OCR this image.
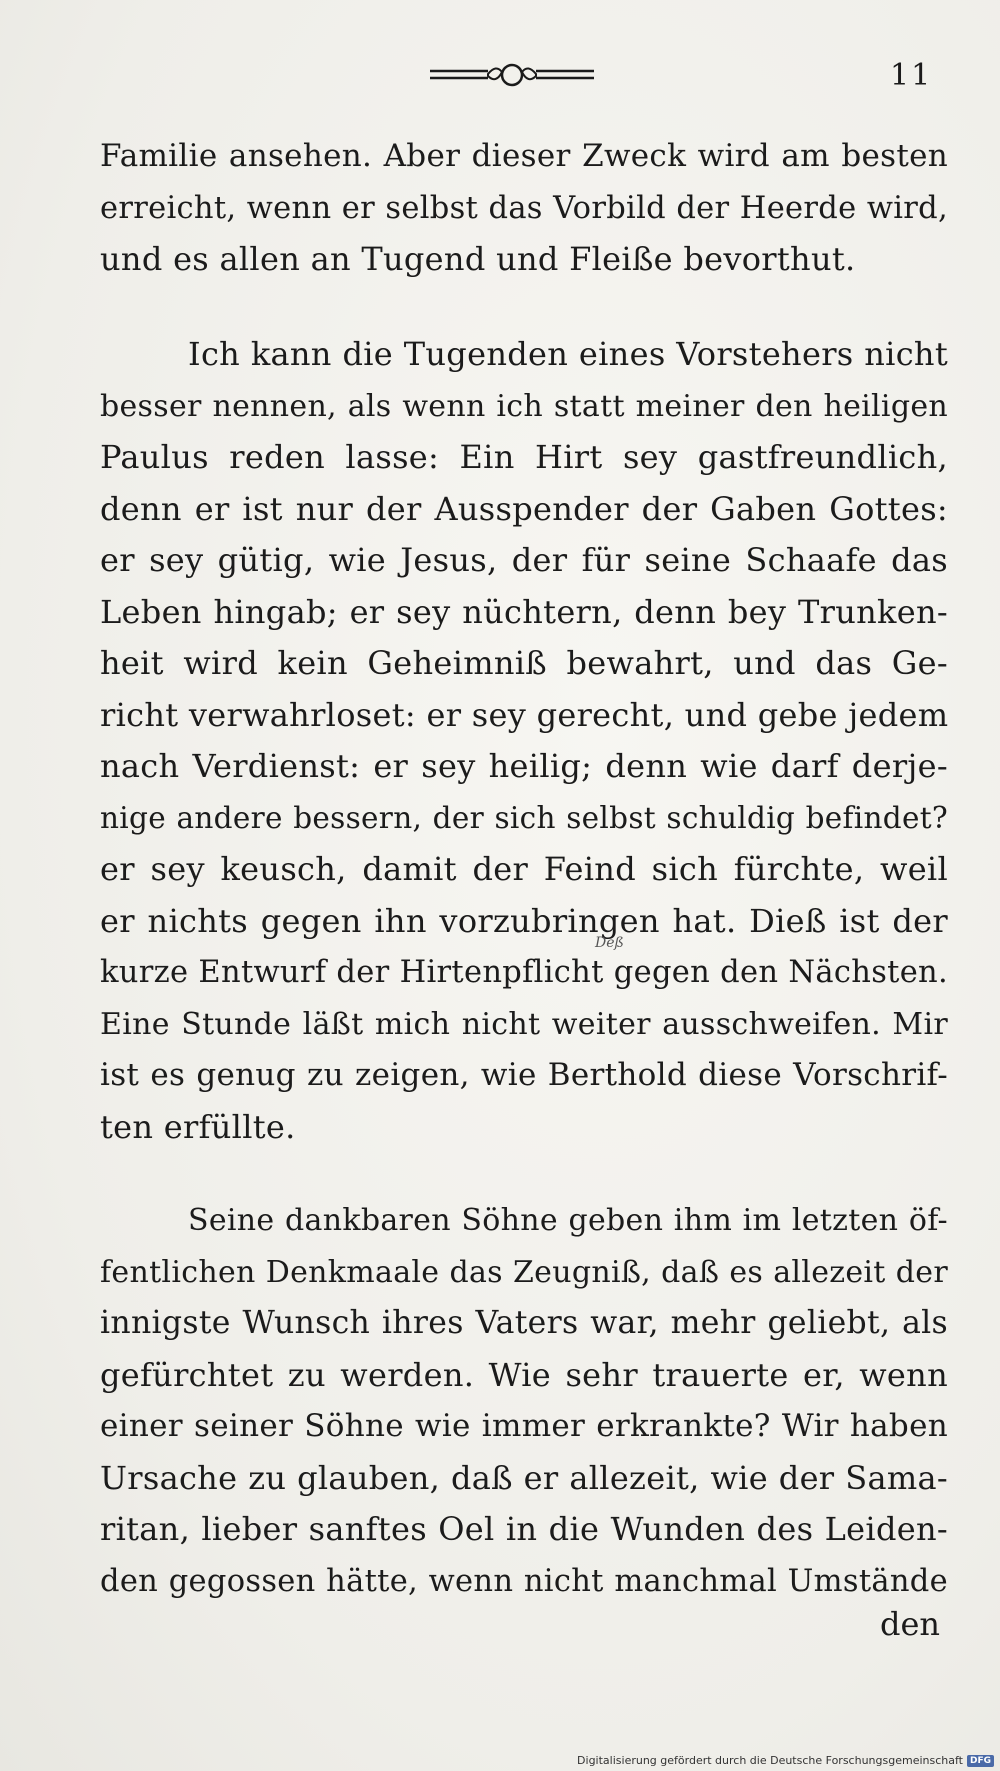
11
Familie ansehen. Aber dieser Zweck wird am besten
erreicht, wenn er selbst das Vorbild der Heerde wird,
und es allen an Tugend und Fleiße bevorthut.
Ich kann die Tugenden eines Vorstehers nicht
besser nennen, als wenn ich statt meiner den heiligen
Paulus reden lasse: Ein Hirt sey gastfreundlich,
denn er ist nur der Ausspender der Gaben Gottes:
er sey gütig, wie Jesus, der für seine Schaafe das
Leben hingab; er sey nüchtern, denn bey Trunken-
heit wird kein Geheimniß bewahrt, und das Ge-
richt verwahrloset: er sey gerecht, und gebe jedem
nach Verdienst: er sey heilig; denn wie darf derje-
nige andere bessern, der sich selbst schuldig befindet?
er sey keusch, damit der Feind sich fürchte, weil
er nichts gegen ihn vorzubringen hat. Dieß ist der
kurze Entwurf der Hirtenpflicht gegen den Nächsten.
Eine Stunde läßt mich nicht weiter ausschweifen. Mir
ist es genug zu zeigen, wie Berthold diese Vorschrif-
ten erfüllte.
Deß
Seine dankbaren Söhne geben ihm im letzten öf-
fentlichen Denkmaale das Zeugniß, daß es allezeit der
innigste Wunsch ihres Vaters war, mehr geliebt, als
gefürchtet zu werden. Wie sehr trauerte er, wenn
einer seiner Söhne wie immer erkrankte? Wir haben
Ursache zu glauben, daß er allezeit, wie der Sama-
ritan, lieber sanftes Oel in die Wunden des Leiden-
den gegossen hätte, wenn nicht manchmal Umstände
den
Digitalisierung gefördert durch die Deutsche Forschungsgemeinschaft DFG
